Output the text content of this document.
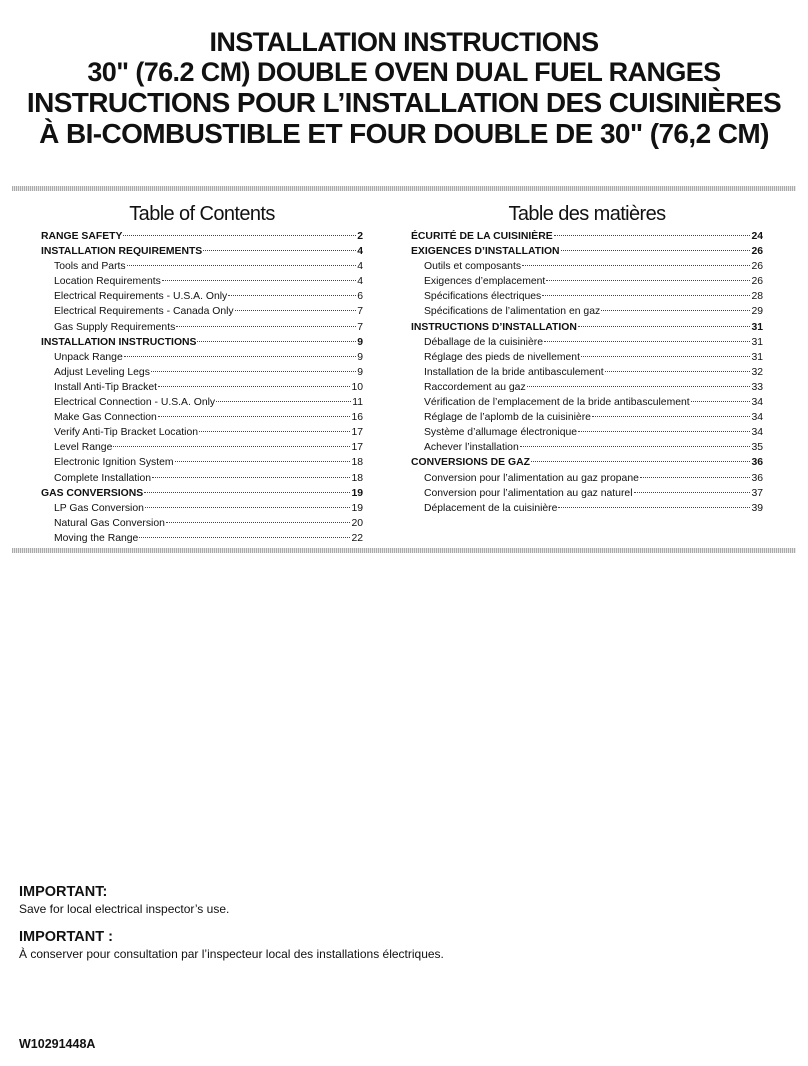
INSTALLATION INSTRUCTIONS
30" (76.2 CM) DOUBLE OVEN DUAL FUEL RANGES
INSTRUCTIONS POUR L’INSTALLATION DES CUISINIÈRES
À BI-COMBUSTIBLE ET FOUR DOUBLE DE 30" (76,2 CM)
Table of Contents
RANGE SAFETY	2
INSTALLATION REQUIREMENTS	4
Tools and Parts	4
Location Requirements	4
Electrical Requirements - U.S.A. Only	6
Electrical Requirements - Canada Only	7
Gas Supply Requirements	7
INSTALLATION INSTRUCTIONS	9
Unpack Range	9
Adjust Leveling Legs	9
Install Anti-Tip Bracket	10
Electrical Connection - U.S.A. Only	11
Make Gas Connection	16
Verify Anti-Tip Bracket Location	17
Level Range	17
Electronic Ignition System	18
Complete Installation	18
GAS CONVERSIONS	19
LP Gas Conversion	19
Natural Gas Conversion	20
Moving the Range	22
Table des matières
ÉCURITÉ DE LA CUISINIÈRE	24
EXIGENCES D’INSTALLATION	26
Outils et composants	26
Exigences d’emplacement	26
Spécifications électriques	28
Spécifications de l’alimentation en gaz	29
INSTRUCTIONS D’INSTALLATION	31
Déballage de la cuisinière	31
Réglage des pieds de nivellement	31
Installation de la bride antibasculement	32
Raccordement au gaz	33
Vérification de l’emplacement de la bride antibasculement	34
Réglage de l’aplomb de la cuisinière	34
Système d’allumage électronique	34
Achever l’installation	35
CONVERSIONS DE GAZ	36
Conversion pour l’alimentation au gaz propane	36
Conversion pour l’alimentation au gaz naturel	37
Déplacement de la cuisinière	39
IMPORTANT:
Save for local electrical inspector’s use.
IMPORTANT :
À conserver pour consultation par l’inspecteur local des installations électriques.
W10291448A
